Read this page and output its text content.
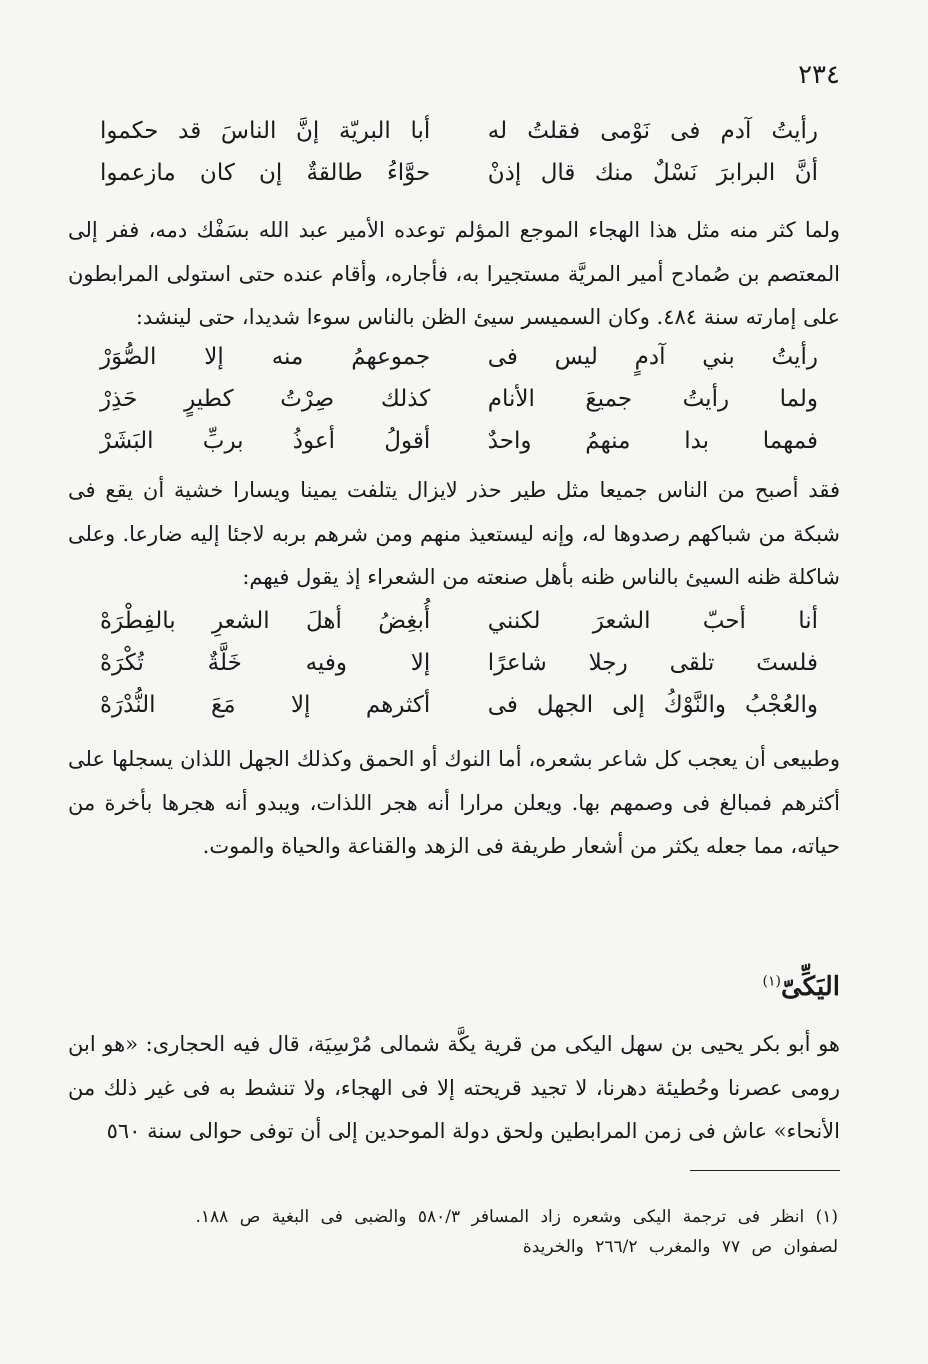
٢٣٤
رأيتُ آدم فى نَوْمى فقلتُ له
أبا البريّة إنَّ الناسَ قد حكموا
أنَّ البرابرَ نَسْلٌ منك قال إذنْ
حوَّاءُ طالقةٌ إن كان مازعموا

ولما كثر منه مثل هذا الهجاء الموجع المؤلم توعده الأمير عبد الله بسَفْك دمه، ففر إلى المعتصم بن صُمادح أمير المريَّة مستجيرا به، فأجاره، وأقام عنده حتى استولى المرابطون على إمارته سنة ٤٨٤. وكان السميسر سيئ الظن بالناس سوءا شديدا، حتى لينشد:

رأيتُ بني آدمٍ ليس فى
جموعهمُ منه إلا الصُّوَرْ
ولما رأيتُ جميعَ الأنام
كذلك صِرْتُ كطيرٍ حَذِرْ
فمهما بدا منهمُ واحدٌ
أقولُ أعوذُ بربِّ البَشَرْ

فقد أصبح من الناس جميعا مثل طير حذر لايزال يتلفت يمينا ويسارا خشية أن يقع فى شبكة من شباكهم رصدوها له، وإنه ليستعيذ منهم ومن شرهم بربه لاجئا إليه ضارعا. وعلى شاكلة ظنه السيئ بالناس ظنه بأهل صنعته من الشعراء إذ يقول فيهم:

أنا أحبّ الشعرَ لكنني
أُبغِضُ أهلَ الشعرِ بالفِطْرَهْ
فلستَ تلقى رجلا شاعرًا
إلا وفيه خَلَّةٌ تُكْرَهْ
والعُجْبُ والنَّوْكُ إلى الجهل فى
أكثرهم إلا مَعَ النُّدْرَهْ

وطبيعى أن يعجب كل شاعر بشعره، أما النوك أو الحمق وكذلك الجهل اللذان يسجلها على أكثرهم فمبالغ فى وصمهم بها. ويعلن مرارا أنه هجر اللذات، ويبدو أنه هجرها بأخرة من حياته، مما جعله يكثر من أشعار طريفة فى الزهد والقناعة والحياة والموت.

اليَكِّىّ$^{(١)}$

هو أبو بكر يحيى بن سهل اليكى من قرية يكَّة شمالى مُرْسِيَة، قال فيه الحجارى: «هو ابن رومى عصرنا وحُطيئة دهرنا، لا تجيد قريحته إلا فى الهجاء، ولا تنشط به فى غير ذلك من الأنحاء» عاش فى زمن المرابطين ولحق دولة الموحدين إلى أن توفى حوالى سنة ٥٦٠

(١) انظر فى ترجمة اليكى وشعره زاد المسافر ٥٨٠/٣ والضبى فى البغية ص ١٨٨. لصفوان ص ٧٧ والمغرب ٢٦٦/٢ والخريدة
